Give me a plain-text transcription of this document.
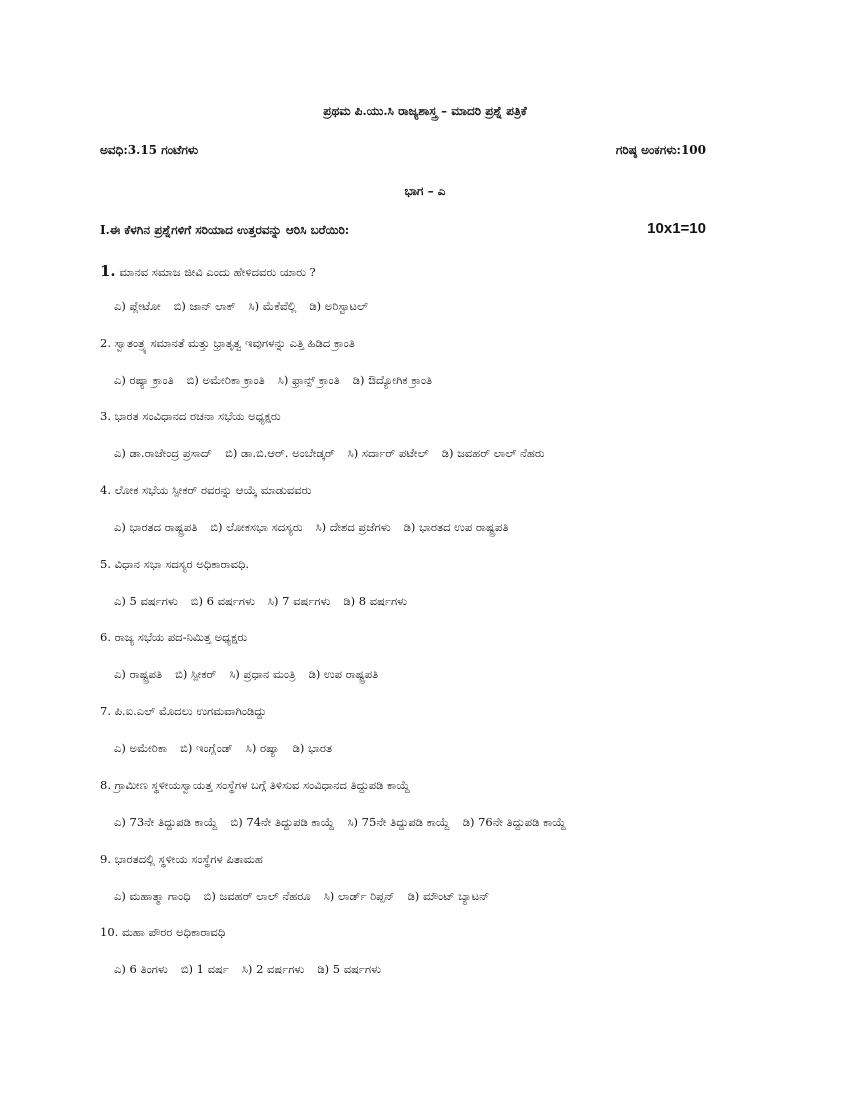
ಪ್ರಥಮ ಪಿ.ಯು.ಸಿ ರಾಜ್ಯಶಾಸ್ತ್ರ – ಮಾದರಿ ಪ್ರಶ್ನೆ ಪತ್ರಿಕೆ
ಅವಧಿ:3.15 ಗಂಟೆಗಳು	ಗರಿಷ್ಠ ಅಂಕಗಳು:100
ಭಾಗ – ಎ
I.ಈ ಕೆಳಗಿನ ಪ್ರಶ್ನೆಗಳಿಗೆ ಸರಿಯಾದ ಉತ್ತರವನ್ನು ಆರಿಸಿ ಬರೆಯಿರಿ:	10x1=10
1. ಮಾನವ ಸಮಾಜ ಜೀವಿ ಎಂದು ಹೇಳಿದವರು ಯಾರು ?
ಎ) ಪ್ಲೇಟೋ ಬಿ) ಜಾನ್ ಲಾಕ್ ಸಿ) ಮೆಕೆವೆಲ್ಲಿ ಡಿ) ಅರಿಸ್ಟಾಟಲ್
2. ಸ್ವಾತಂತ್ರ್ಯ ಸಮಾನತೆ ಮತ್ತು ಭ್ರಾತೃತ್ವ ಇವುಗಳನ್ನು ಎತ್ತಿ ಹಿಡಿದ ಕ್ರಾಂತಿ
ಎ) ರಷ್ಯಾ ಕ್ರಾಂತಿ ಬಿ) ಅಮೇರಿಕಾ ಕ್ರಾಂತಿ ಸಿ) ಫ್ರಾನ್ಸ್ ಕ್ರಾಂತಿ ಡಿ) ಔದ್ಯೋಗಿಕ ಕ್ರಾಂತಿ
3. ಭಾರತ ಸಂವಿಧಾನದ ರಚನಾ ಸಭೆಯ ಅಧ್ಯಕ್ಷರು
ಎ) ಡಾ.ರಾಜೇಂದ್ರ ಪ್ರಸಾದ್ ಬಿ) ಡಾ.ಬಿ.ಆರ್. ಅಂಬೇಡ್ಕರ್ ಸಿ) ಸರ್ದಾರ್ ಪಟೇಲ್ ಡಿ) ಜವಹರ್ ಲಾಲ್ ನೆಹರು
4. ಲೋಕ ಸಭೆಯ ಸ್ಪೀಕರ್ ರವರನ್ನು ಆಯ್ಕೆ ಮಾಡುವವರು
ಎ) ಭಾರತದ ರಾಷ್ಟ್ರಪತಿ ಬಿ) ಲೋಕಸಭಾ ಸದಸ್ಯರು ಸಿ) ದೇಶದ ಪ್ರಜೆಗಳು ಡಿ) ಭಾರತದ ಉಪ ರಾಷ್ಟ್ರಪತಿ
5. ವಿಧಾನ ಸಭಾ ಸದಸ್ಯರ ಅಧಿಕಾರಾವಧಿ.
ಎ) 5 ವರ್ಷಗಳು ಬಿ) 6 ವರ್ಷಗಳು ಸಿ) 7 ವರ್ಷಗಳು ಡಿ) 8 ವರ್ಷಗಳು
6. ರಾಜ್ಯ ಸಭೆಯ ಪದ-ನಿಮಿತ್ತ ಅಧ್ಯಕ್ಷರು
ಎ) ರಾಷ್ಟ್ರಪತಿ ಬಿ) ಸ್ಪೀಕರ್ ಸಿ) ಪ್ರಧಾನ ಮಂತ್ರಿ ಡಿ) ಉಪ ರಾಷ್ಟ್ರಪತಿ
7. ಪಿ.ಐ.ಎಲ್ ಮೊದಲು ಉಗಮವಾಗಿಂಡಿದ್ದು
ಎ) ಅಮೇರಿಕಾ ಬಿ) ಇಂಗ್ಲೆಂಡ್ ಸಿ) ರಷ್ಯಾ ಡಿ) ಭಾರತ
8. ಗ್ರಾಮೀಣ ಸ್ಥಳೀಯಸ್ವಾಯತ್ತ ಸಂಸ್ಥೆಗಳ ಬಗ್ಗೆ ತಿಳಿಸುವ ಸಂವಿಧಾನದ ತಿದ್ದುಪಡಿ ಕಾಯ್ದೆ
ಎ) 73ನೇ ತಿದ್ದುಪಡಿ ಕಾಯ್ದೆ ಬಿ) 74ನೇ ತಿದ್ದುಪಡಿ ಕಾಯ್ದೆ ಸಿ) 75ನೇ ತಿದ್ದುಪಡಿ ಕಾಯ್ದೆ ಡಿ) 76ನೇ ತಿದ್ದುಪಡಿ ಕಾಯ್ದೆ
9. ಭಾರತದಲ್ಲಿ ಸ್ಥಳೀಯ ಸಂಸ್ಥೆಗಳ ಪಿತಾಮಹ
ಎ) ಮಹಾತ್ಮಾ ಗಾಂಧಿ ಬಿ) ಜವಹರ್ ಲಾಲ್ ನೆಹರೂ ಸಿ) ಲಾರ್ಡ್ ರಿಪ್ಪನ್ ಡಿ) ಮೌಂಟ್ ಬ್ಯಾಟನ್
10. ಮಹಾ ಪೌರರ ಅಧಿಕಾರಾವಧಿ
ಎ) 6 ತಿಂಗಳು ಬಿ) 1 ವರ್ಷ ಸಿ) 2 ವರ್ಷಗಳು ಡಿ) 5 ವರ್ಷಗಳು
